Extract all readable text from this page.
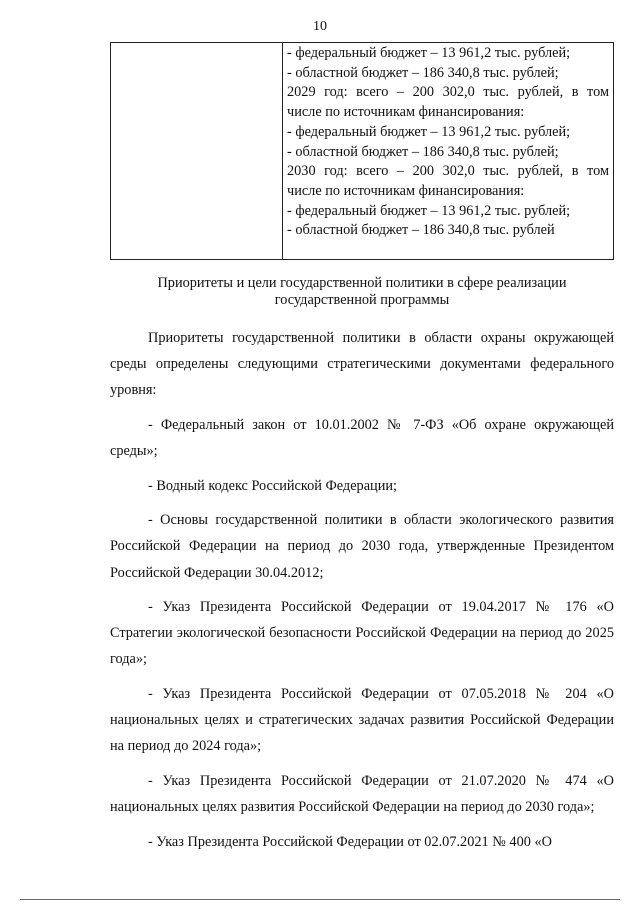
10

- федеральный бюджет – 13 961,2 тыс. рублей;
- областной бюджет – 186 340,8 тыс. рублей;
2029 год: всего – 200 302,0 тыс. рублей, в том
числе по источникам финансирования:
- федеральный бюджет – 13 961,2 тыс. рублей;
- областной бюджет – 186 340,8 тыс. рублей;
2030 год: всего – 200 302,0 тыс. рублей, в том
числе по источникам финансирования:
- федеральный бюджет – 13 961,2 тыс. рублей;
- областной бюджет – 186 340,8 тыс. рублей
Приоритеты и цели государственной политики в сфере реализации
государственной программы

Приоритеты государственной политики в области охраны окружающей среды определены следующими стратегическими документами федерального уровня:

- Федеральный закон от 10.01.2002 № 7-ФЗ «Об охране окружающей среды»;

- Водный кодекс Российской Федерации;

- Основы государственной политики в области экологического развития Российской Федерации на период до 2030 года, утвержденные Президентом Российской Федерации 30.04.2012;

- Указ Президента Российской Федерации от 19.04.2017 № 176 «О Стратегии экологической безопасности Российской Федерации на период до 2025 года»;

- Указ Президента Российской Федерации от 07.05.2018 № 204 «О национальных целях и стратегических задачах развития Российской Федерации на период до 2024 года»;

- Указ Президента Российской Федерации от 21.07.2020 № 474 «О национальных целях развития Российской Федерации на период до 2030 года»;

- Указ Президента Российской Федерации от 02.07.2021 № 400 «О
